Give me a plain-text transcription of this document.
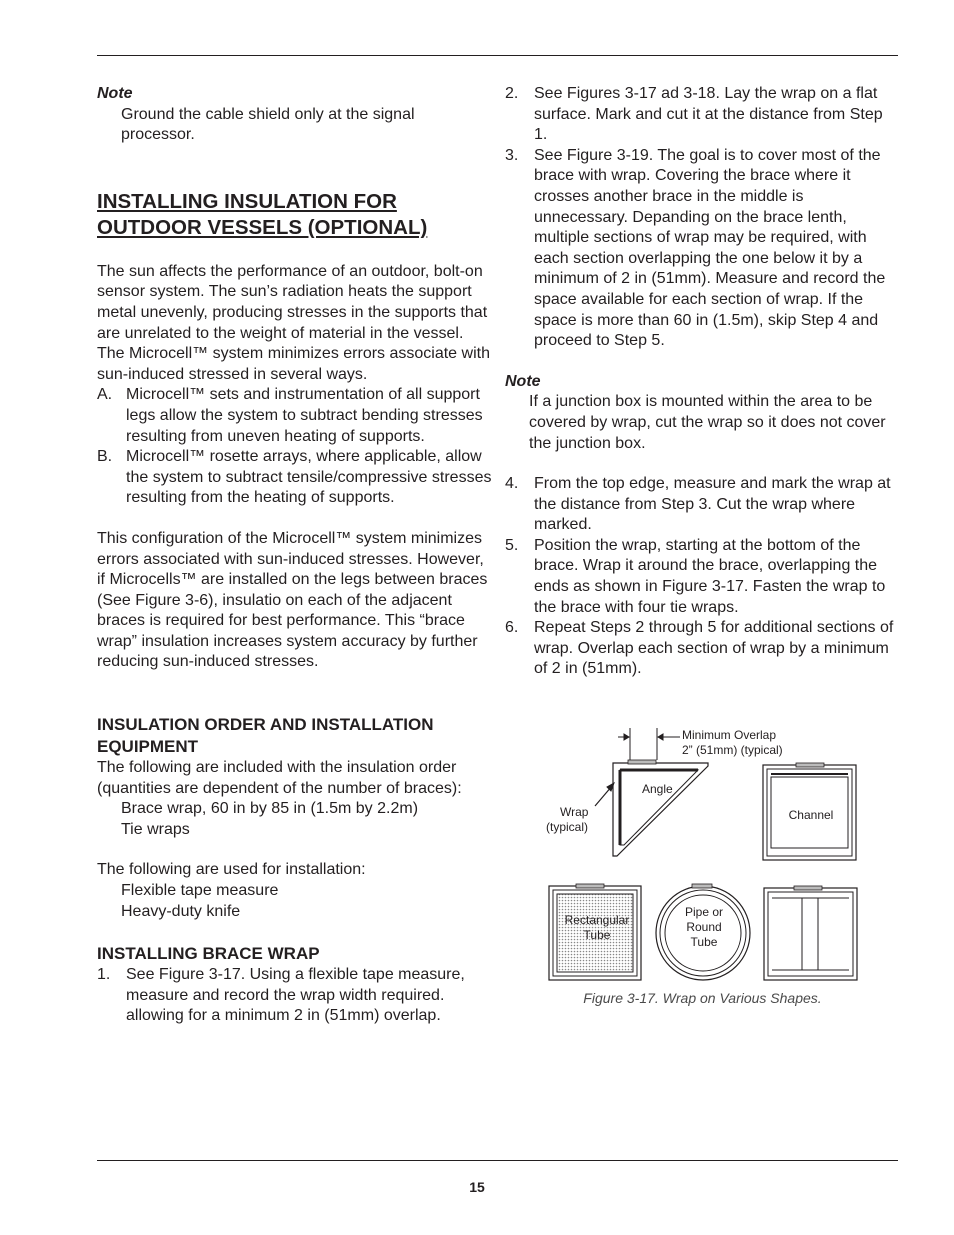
Note

Ground the cable shield only at the signal processor.

INSTALLING INSULATION FOR OUTDOOR VESSELS (OPTIONAL)

The sun affects the performance of an outdoor, bolt-on sensor system. The sun’s radiation heats the support metal unevenly, producing stresses in the supports that are unrelated to the weight of material in the vessel. The Microcell™ system minimizes errors associate with sun-induced stressed in several ways.

A. Microcell™ sets and instrumentation of all support legs allow the system to subtract bending stresses resulting from uneven heating of supports.
B. Microcell™ rosette arrays, where applicable, allow the system to subtract tensile/compressive stresses resulting from the heating of supports.

This configuration of the Microcell™ system minimizes errors associated with sun-induced stresses. However, if Microcells™ are installed on the legs between braces (See Figure 3-6), insulatio on each of the adjacent braces is required for best performance. This “brace wrap” insulation increases system accuracy by further reducing sun-induced stresses.

INSULATION ORDER AND INSTALLATION EQUIPMENT

The following are included with the insulation order (quantities are dependent of the number of braces):

Brace wrap, 60 in by 85 in (1.5m by 2.2m)
Tie wraps

The following are used for installation:

Flexible tape measure
Heavy-duty knife
INSTALLING BRACE WRAP
1. See Figure 3-17. Using a flexible tape measure, measure and record the wrap width required. allowing for a minimum 2 in (51mm) overlap.
2. See Figures 3-17 ad 3-18. Lay the wrap on a flat surface. Mark and cut it at the distance from Step 1.
3. See Figure 3-19. The goal is to cover most of the brace with wrap. Covering the brace where it crosses another brace in the middle is unnecessary. Depanding on the brace lenth, multiple sections of wrap may be required, with each section overlapping the one below it by a minimum of 2 in (51mm). Measure and record the space available for each section of wrap. If the space is more than 60 in (1.5m), skip Step 4 and proceed to Step 5.
Note

If a junction box is mounted within the area to be covered by wrap, cut the wrap so it does not cover the junction box.

4. From the top edge, measure and mark the wrap at the distance from Step 3. Cut the wrap where marked.
5. Position the wrap, starting at the bottom of the brace. Wrap it around the brace, overlapping the ends as shown in Figure 3-17. Fasten the wrap to the brace with four tie wraps.
6. Repeat Steps 2 through 5 for additional sections of wrap. Overlap each section of wrap by a minimum of 2 in (51mm).
Minimum Overlap
2” (51mm) (typical)
Angle
Wrap
(typical)
Channel
Rectangular
Tube
Pipe or
Round
Tube
Figure 3-17. Wrap on Various Shapes.
15
